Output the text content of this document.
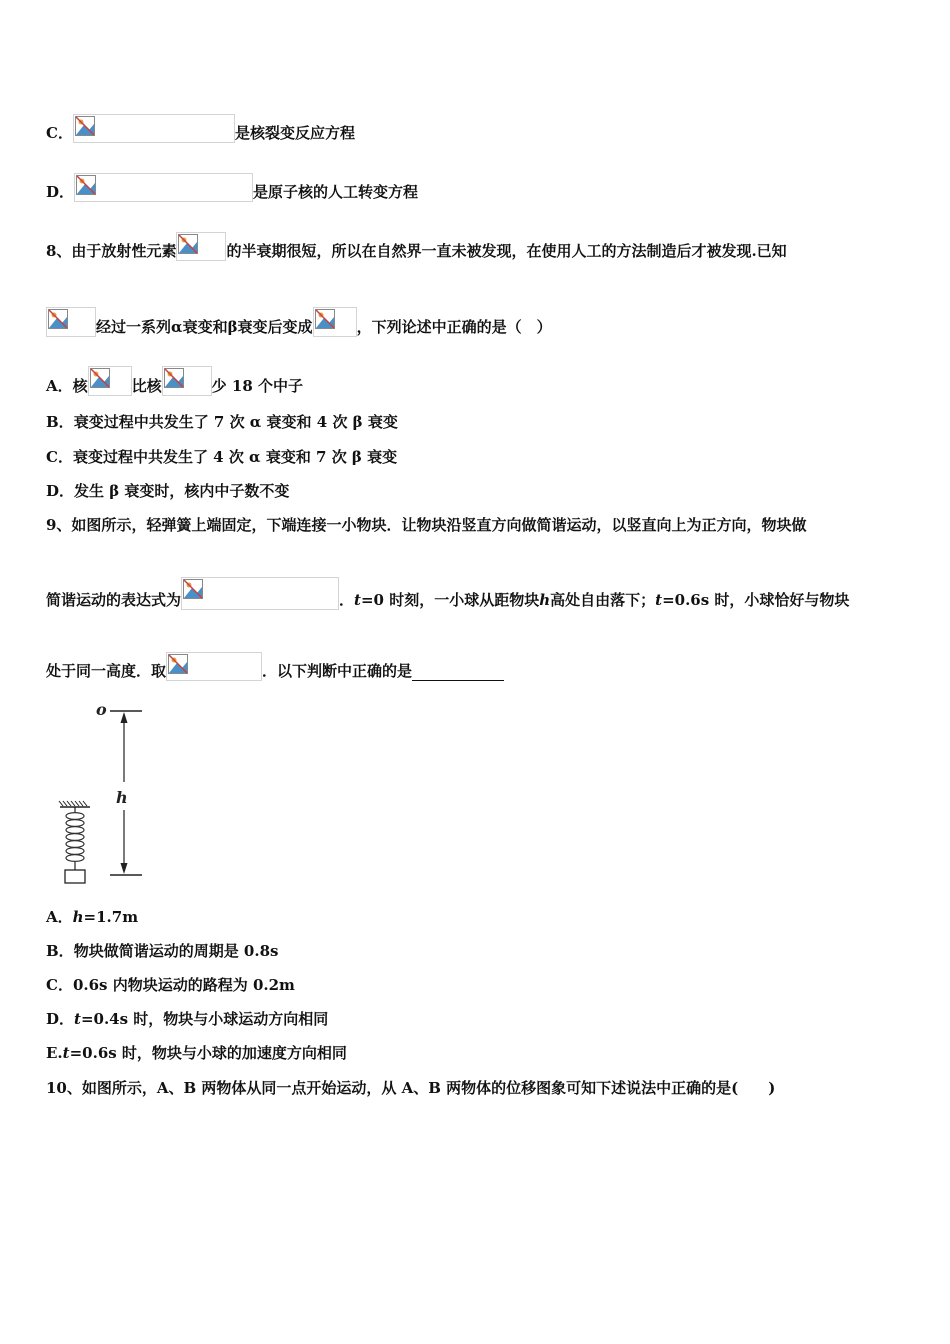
C．	是核裂变反应方程
D．	是原子核的人工转变方程
8、由于放射性元素	的半衰期很短，所以在自然界一直未被发现，在使用人工的方法制造后才被发现.已知
经过一系列α衰变和β衰变后变成	，下列论述中正确的是（　）
A．核	比核	少 18 个中子
B．衰变过程中共发生了 7 次 α 衰变和 4 次 β 衰变
C．衰变过程中共发生了 4 次 α 衰变和 7 次 β 衰变
D．发生 β 衰变时，核内中子数不变
9、如图所示，轻弹簧上端固定，下端连接一小物块．让物块沿竖直方向做简谐运动，以竖直向上为正方向，物块做
简谐运动的表达式为	．t=0 时刻，一小球从距物块h高处自由落下；t=0.6s 时，小球恰好与物块
处于同一高度．取	．以下判断中正确的是
o
h
A．h=1.7m
B．物块做简谐运动的周期是 0.8s
C．0.6s 内物块运动的路程为 0.2m
D．t=0.4s 时，物块与小球运动方向相同
E.t=0.6s 时，物块与小球的加速度方向相同
10、如图所示，A、B 两物体从同一点开始运动，从 A、B 两物体的位移图象可知下述说法中正确的是(　　)
